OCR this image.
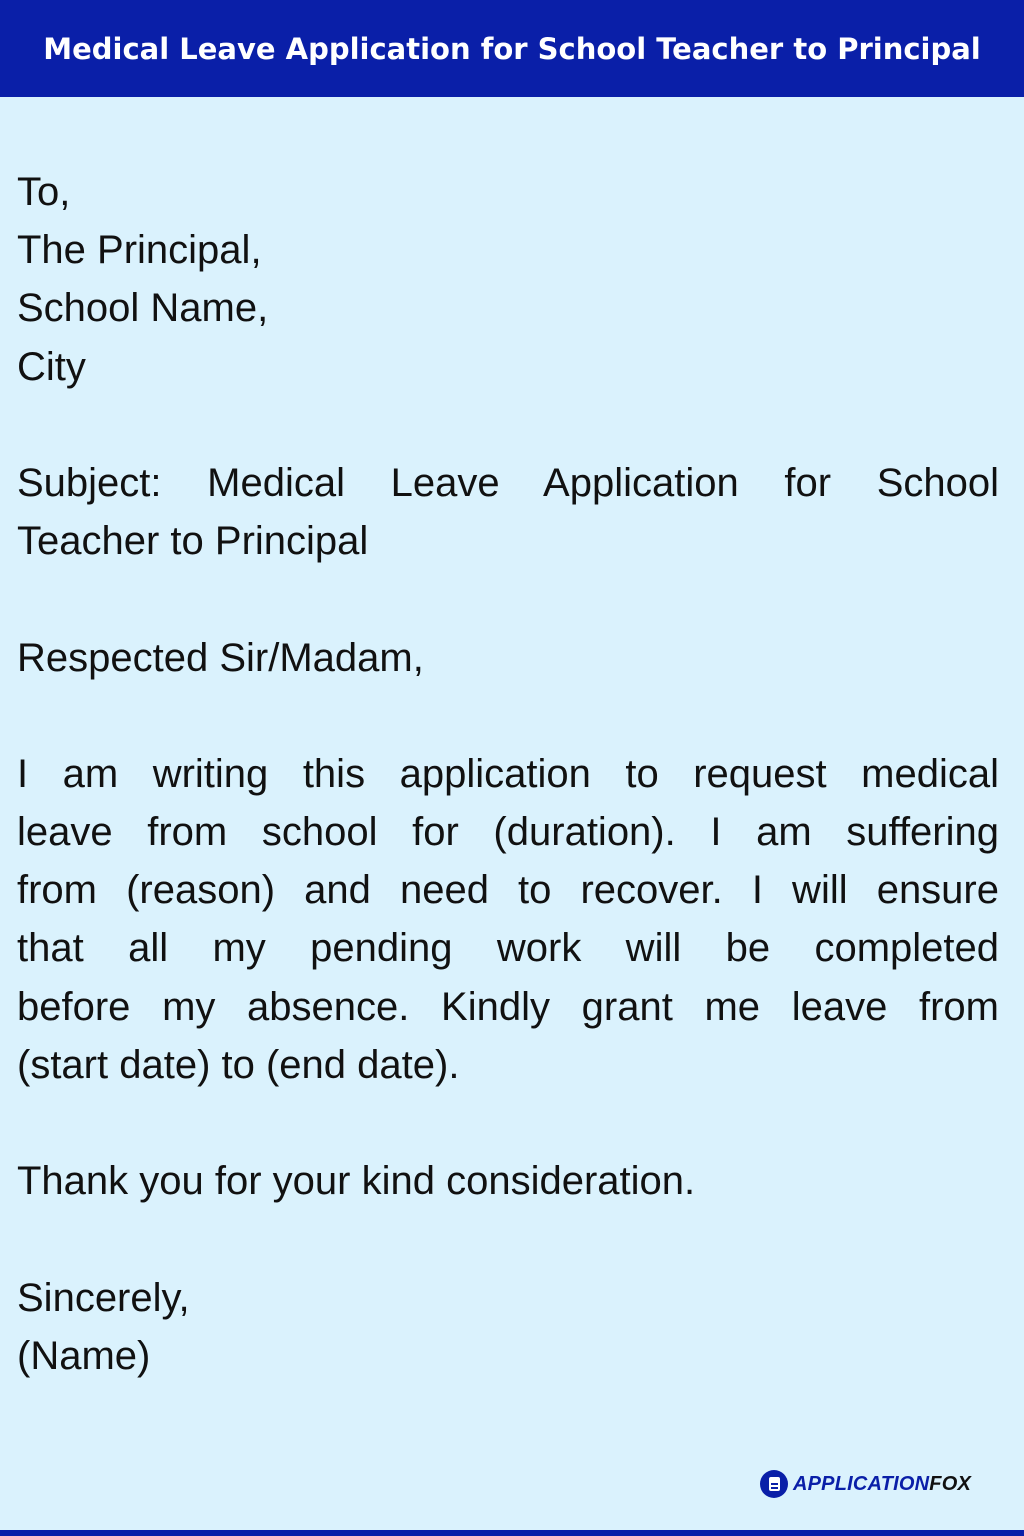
Medical Leave Application for School Teacher to Principal
To,
The Principal,
School Name,
City
Subject: Medical Leave Application for School
Teacher to Principal
Respected Sir/Madam,
I am writing this application to request medical
leave from school for (duration). I am suffering
from (reason) and need to recover. I will ensure
that all my pending work will be completed
before my absence. Kindly grant me leave from
(start date) to (end date).
Thank you for your kind consideration.
Sincerely,
(Name)
APPLICATIONFOX
